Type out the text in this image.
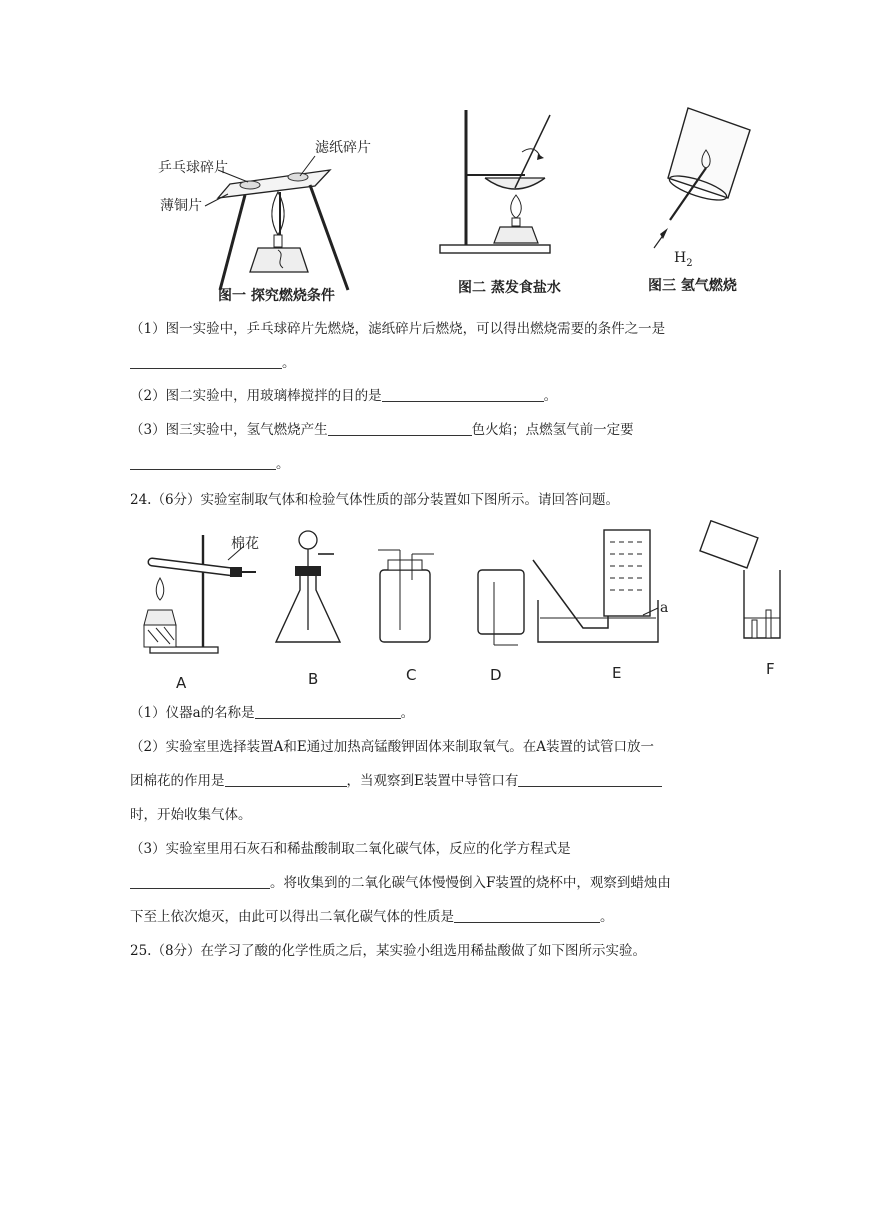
乒乓球碎片
滤纸碎片
薄铜片
图一 探究燃烧条件	图二 蒸发食盐水
$H_2$
图三 氢气燃烧
（1）图一实验中，乒乓球碎片先燃烧，滤纸碎片后燃烧，可以得出燃烧需要的条件之一是
。
（2）图二实验中，用玻璃棒搅拌的目的是	。
（3）图三实验中，氢气燃烧产生	色火焰；点燃氢气前一定要
。
24.（6分）实验室制取气体和检验气体性质的部分装置如下图所示。请回答问题。
棉花
a
A	B	C	D	E	F
（1）仪器a的名称是	。
（2）实验室里选择装置A和E通过加热高锰酸钾固体来制取氧气。在A装置的试管口放一
团棉花的作用是	，当观察到E装置中导管口有
时，开始收集气体。
（3）实验室里用石灰石和稀盐酸制取二氧化碳气体，反应的化学方程式是
。将收集到的二氧化碳气体慢慢倒入F装置的烧杯中，观察到蜡烛由
下至上依次熄灭，由此可以得出二氧化碳气体的性质是	。
25.（8分）在学习了酸的化学性质之后，某实验小组选用稀盐酸做了如下图所示实验。
